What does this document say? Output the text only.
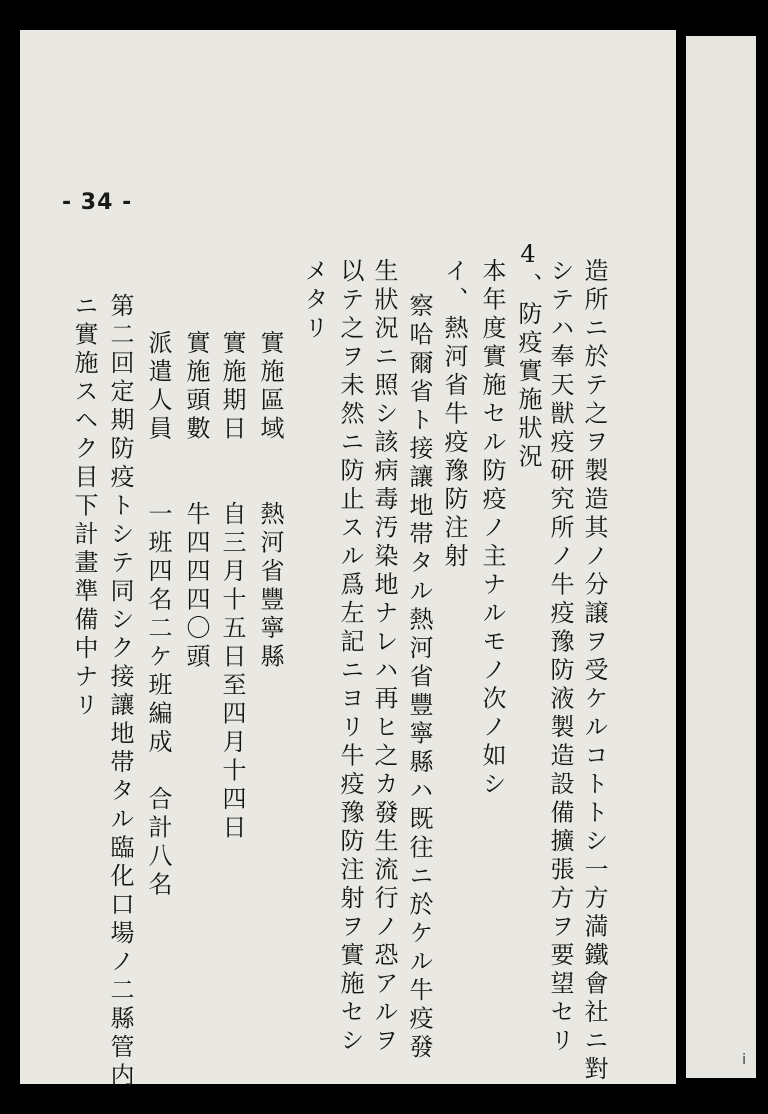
i
- 34 -
造所ニ於テ之ヲ製造其ノ分譲ヲ受ケルコトトシ一方満鐵會社ニ對
シテハ奉天獣疫研究所ノ牛疫豫防液製造設備擴張方ヲ要望セリ
4、防疫實施狀況
本年度實施セル防疫ノ主ナルモノ次ノ如シ
イ、熱河省牛疫豫防注射
察哈爾省ト接讓地帯タル熱河省豐寧縣ハ既往ニ於ケル牛疫發
生狀況ニ照シ該病毒汚染地ナレハ再ヒ之カ發生流行ノ恐アルヲ
以テ之ヲ未然ニ防止スル爲左記ニヨリ牛疫豫防注射ヲ實施セシ
メタリ
實施區域　　熱河省豐寧縣
實施期日　　自三月十五日至四月十四日
實施頭數　　牛四四四〇頭
派遣人員　　一班四名二ケ班編成　合計八名
第二回定期防疫トシテ同シク接讓地帯タル臨化口場ノ二縣管内
ニ實施スヘク目下計畫準備中ナリ
